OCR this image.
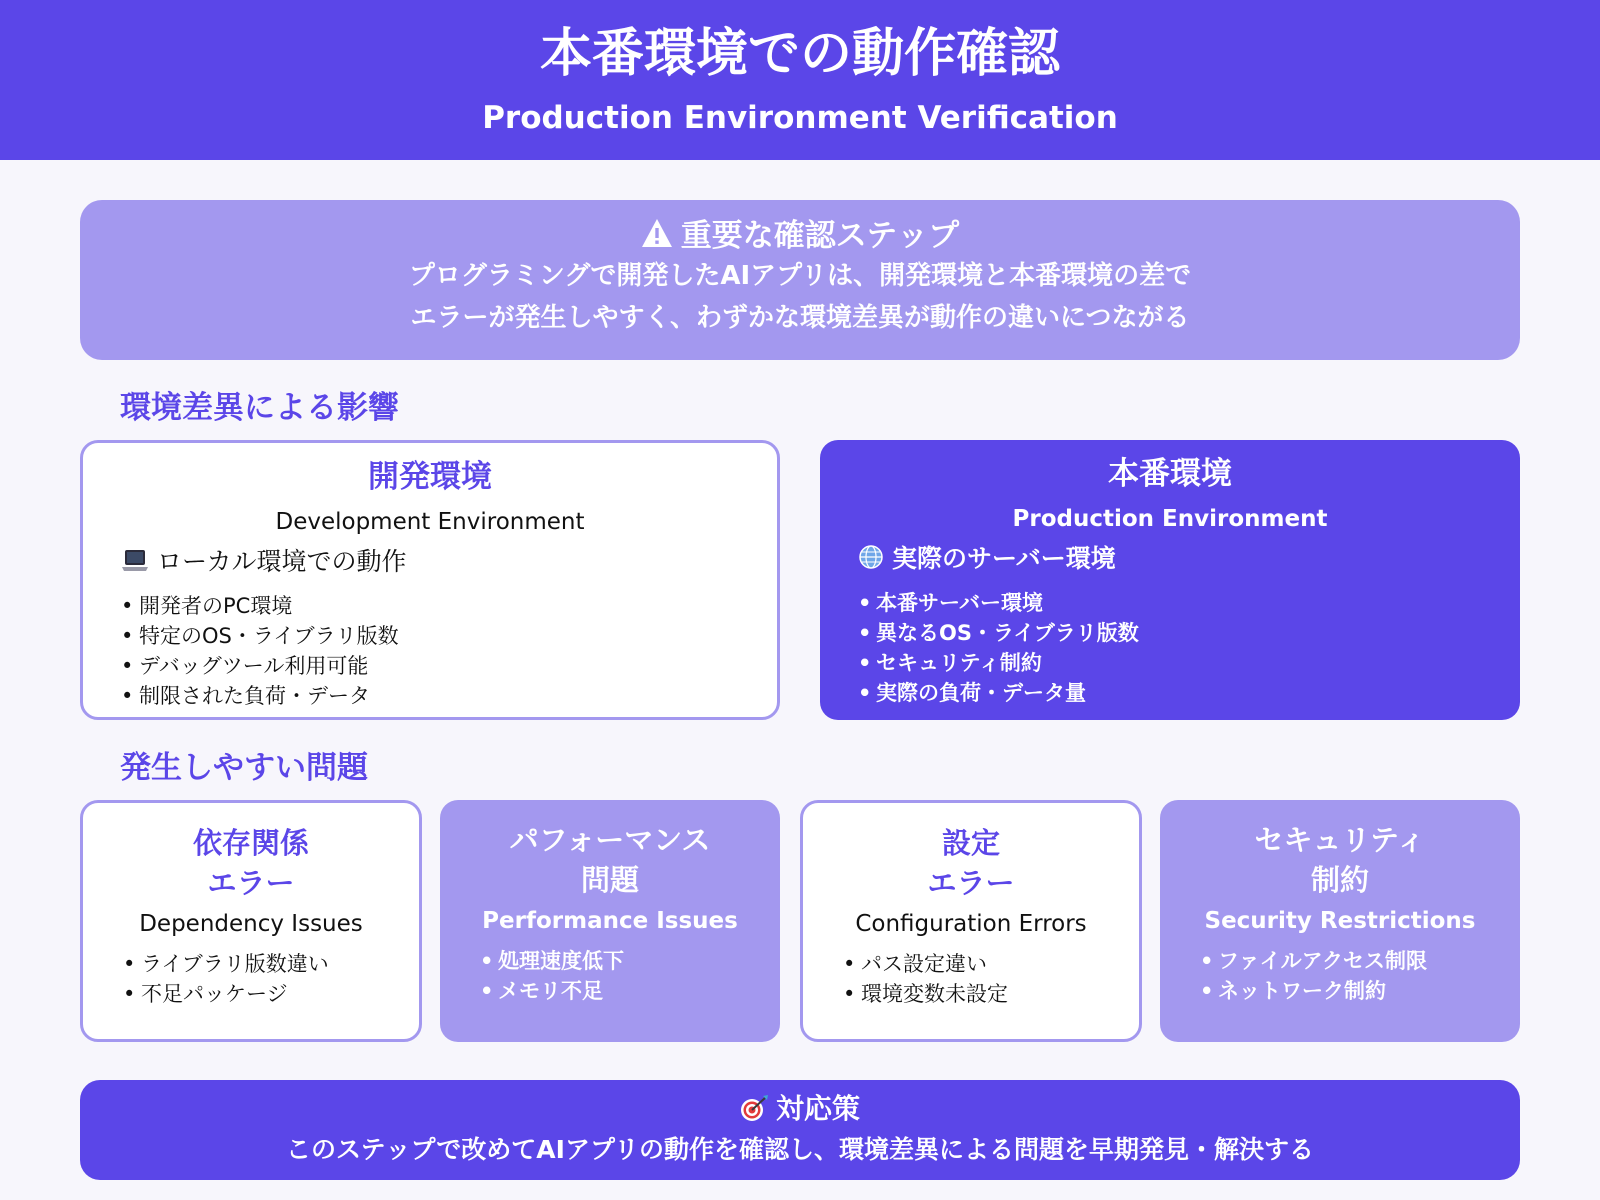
本番環境での動作確認
Production Environment Verification
重要な確認ステップ
プログラミングで開発したAIアプリは、開発環境と本番環境の差で
エラーが発生しやすく、わずかな環境差異が動作の違いにつながる
環境差異による影響
開発環境
Development Environment
ローカル環境での動作
• 開発者のPC環境
• 特定のOS・ライブラリ版数
• デバッグツール利用可能
• 制限された負荷・データ
本番環境
Production Environment
実際のサーバー環境
• 本番サーバー環境
• 異なるOS・ライブラリ版数
• セキュリティ制約
• 実際の負荷・データ量
発生しやすい問題
依存関係
エラー
Dependency Issues
• ライブラリ版数違い
• 不足パッケージ
パフォーマンス
問題
Performance Issues
• 処理速度低下
• メモリ不足
設定
エラー
Configuration Errors
• パス設定違い
• 環境変数未設定
セキュリティ
制約
Security Restrictions
• ファイルアクセス制限
• ネットワーク制約
対応策
このステップで改めてAIアプリの動作を確認し、環境差異による問題を早期発見・解決する
